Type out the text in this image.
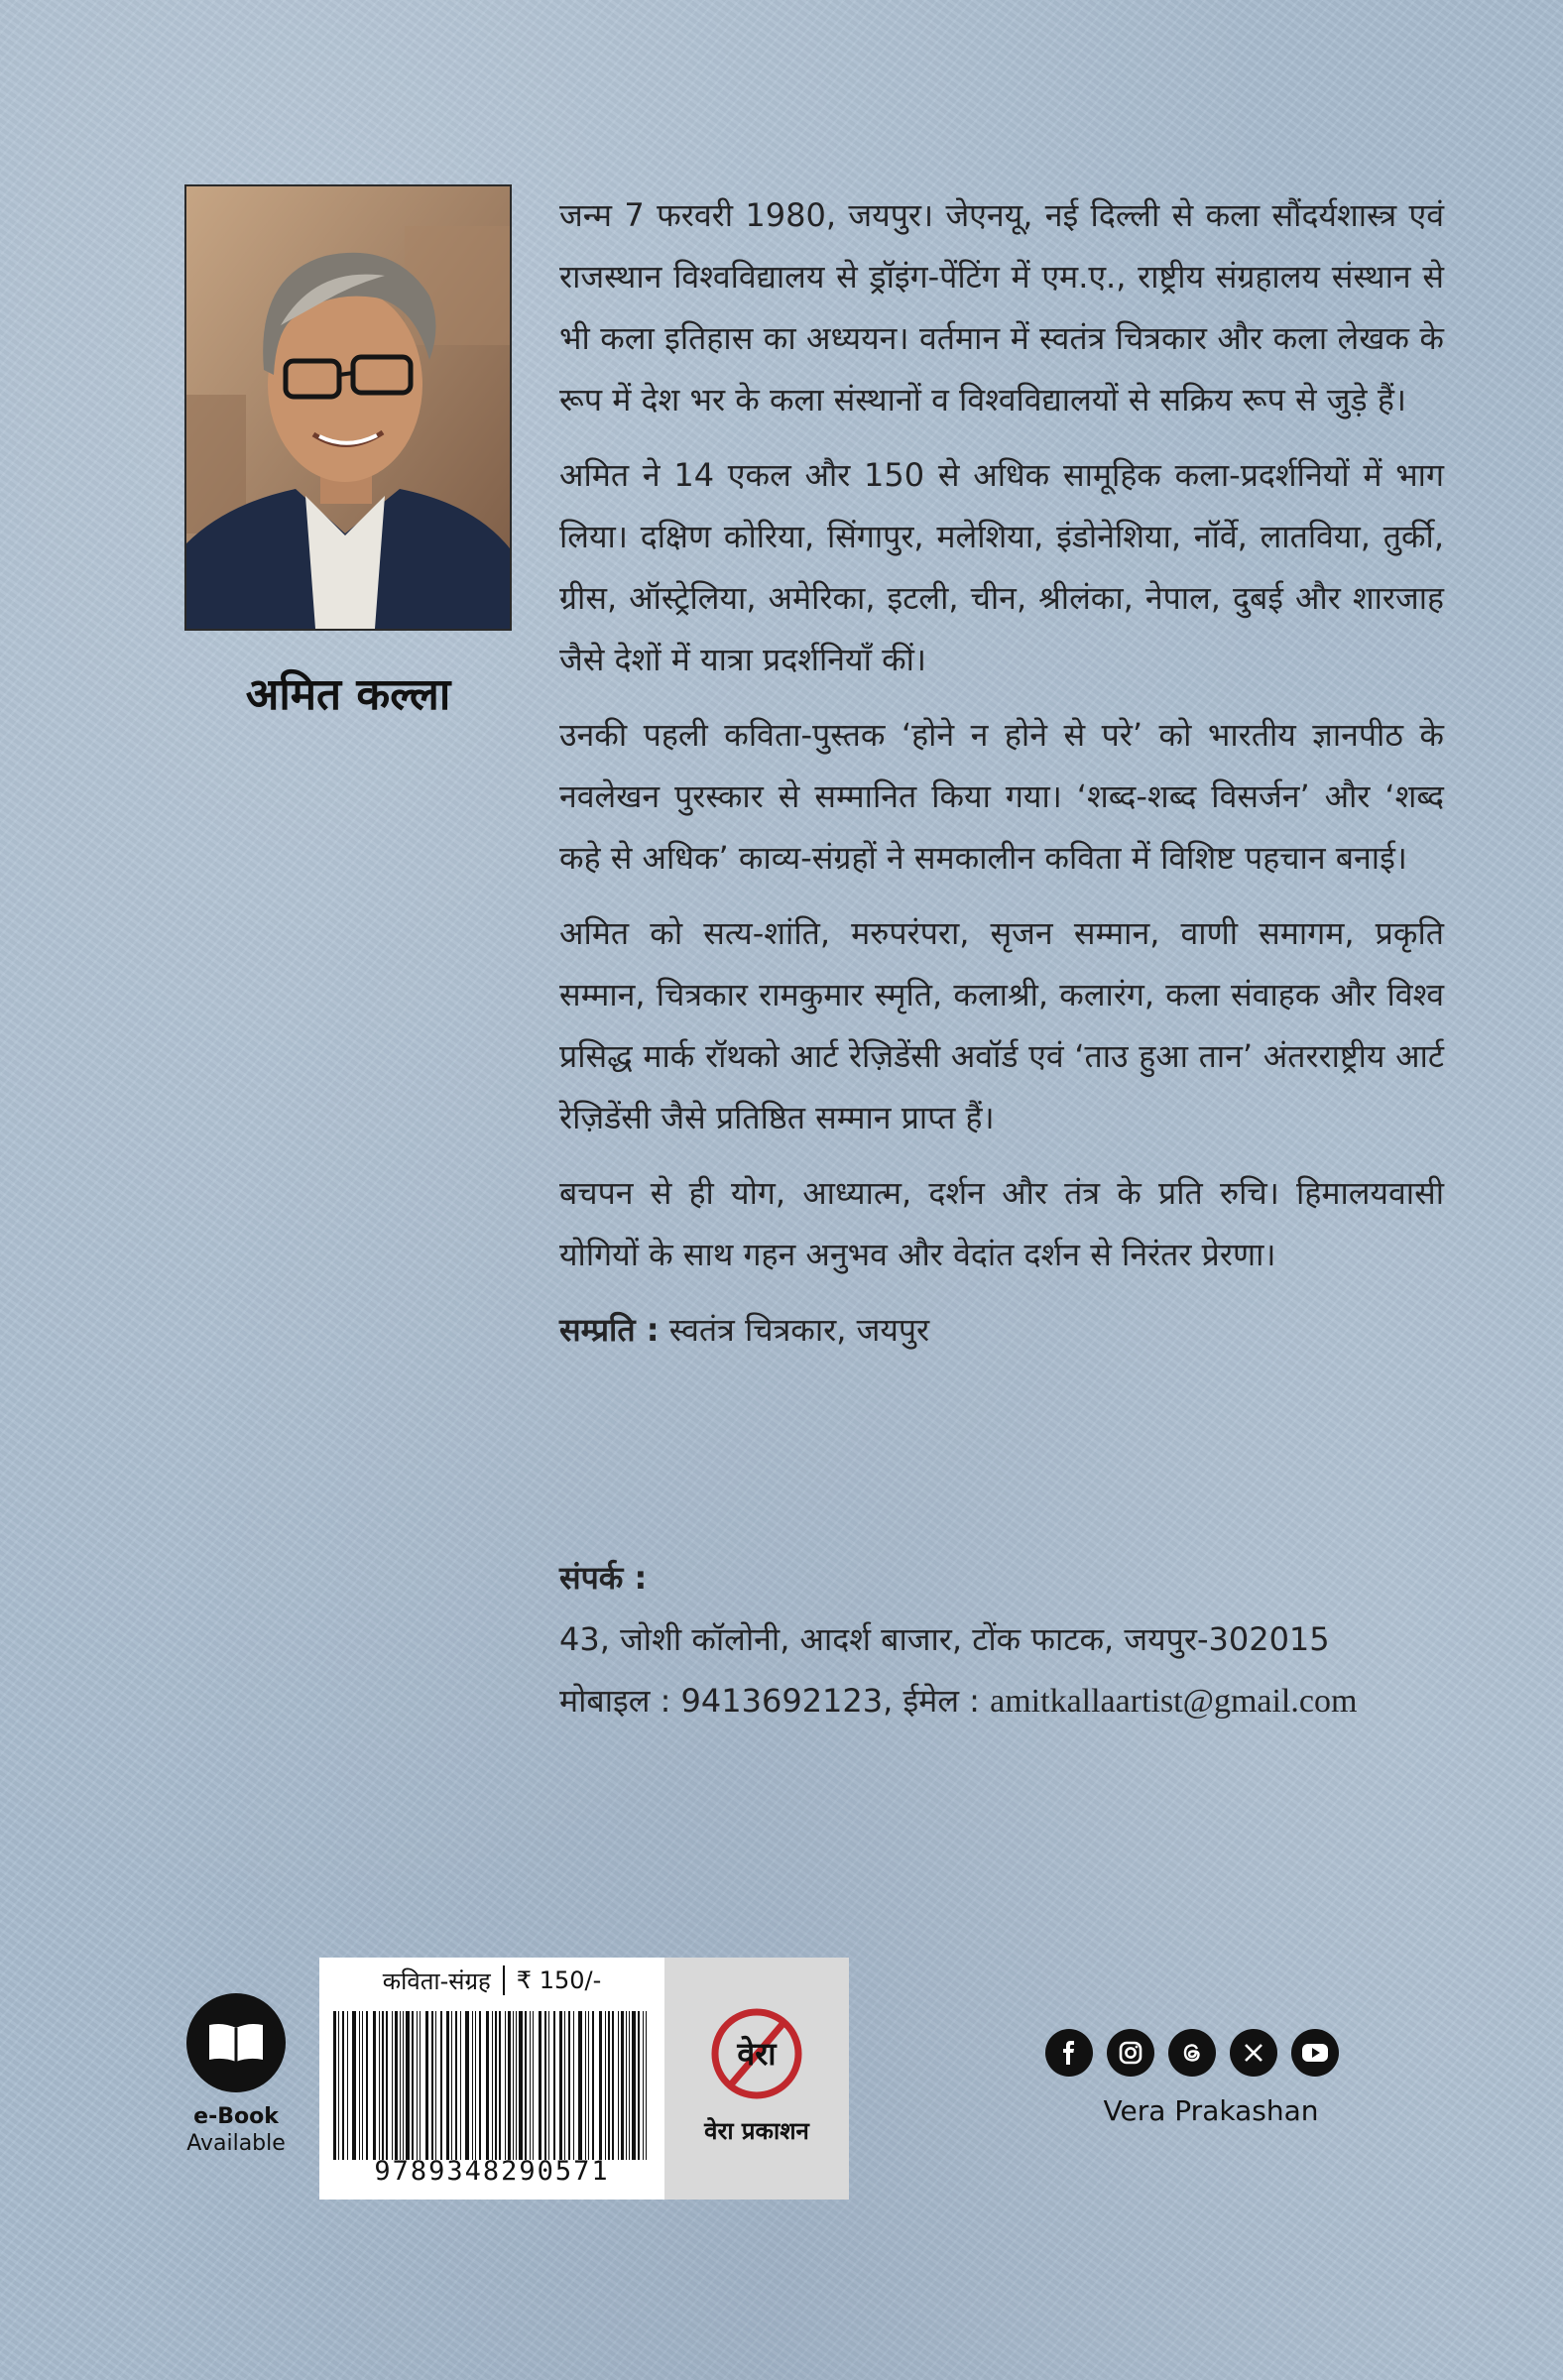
अमित कल्ला

जन्म 7 फरवरी 1980, जयपुर। जेएनयू, नई दिल्ली से कला सौंदर्यशास्त्र एवं राजस्थान विश्वविद्यालय से ड्रॉइंग-पेंटिंग में एम.ए., राष्ट्रीय संग्रहालय संस्थान से भी कला इतिहास का अध्ययन। वर्तमान में स्वतंत्र चित्रकार और कला लेखक के रूप में देश भर के कला संस्थानों व विश्वविद्यालयों से सक्रिय रूप से जुड़े हैं।

अमित ने 14 एकल और 150 से अधिक सामूहिक कला-प्रदर्शनियों में भाग लिया। दक्षिण कोरिया, सिंगापुर, मलेशिया, इंडोनेशिया, नॉर्वे, लातविया, तुर्की, ग्रीस, ऑस्ट्रेलिया, अमेरिका, इटली, चीन, श्रीलंका, नेपाल, दुबई और शारजाह जैसे देशों में यात्रा प्रदर्शनियाँ कीं।

उनकी पहली कविता-पुस्तक ‘होने न होने से परे’ को भारतीय ज्ञानपीठ के नवलेखन पुरस्कार से सम्मानित किया गया। ‘शब्द-शब्द विसर्जन’ और ‘शब्द कहे से अधिक’ काव्य-संग्रहों ने समकालीन कविता में विशिष्ट पहचान बनाई।

अमित को सत्य-शांति, मरुपरंपरा, सृजन सम्मान, वाणी समागम, प्रकृति सम्मान, चित्रकार रामकुमार स्मृति, कलाश्री, कलारंग, कला संवाहक और विश्व प्रसिद्ध मार्क रॉथको आर्ट रेज़िडेंसी अवॉर्ड एवं ‘ताउ हुआ तान’ अंतरराष्ट्रीय आर्ट रेज़िडेंसी जैसे प्रतिष्ठित सम्मान प्राप्त हैं।

बचपन से ही योग, आध्यात्म, दर्शन और तंत्र के प्रति रुचि। हिमालयवासी योगियों के साथ गहन अनुभव और वेदांत दर्शन से निरंतर प्रेरणा।

सम्प्रति : स्वतंत्र चित्रकार, जयपुर

संपर्क :
43, जोशी कॉलोनी, आदर्श बाजार, टोंक फाटक, जयपुर-302015
मोबाइल : 9413692123, ईमेल : amitkallaartist@gmail.com
e-Book
Available
कविता-संग्रह ₹ 150/-
9789348290571
वेरा
वेरा प्रकाशन
Vera Prakashan
